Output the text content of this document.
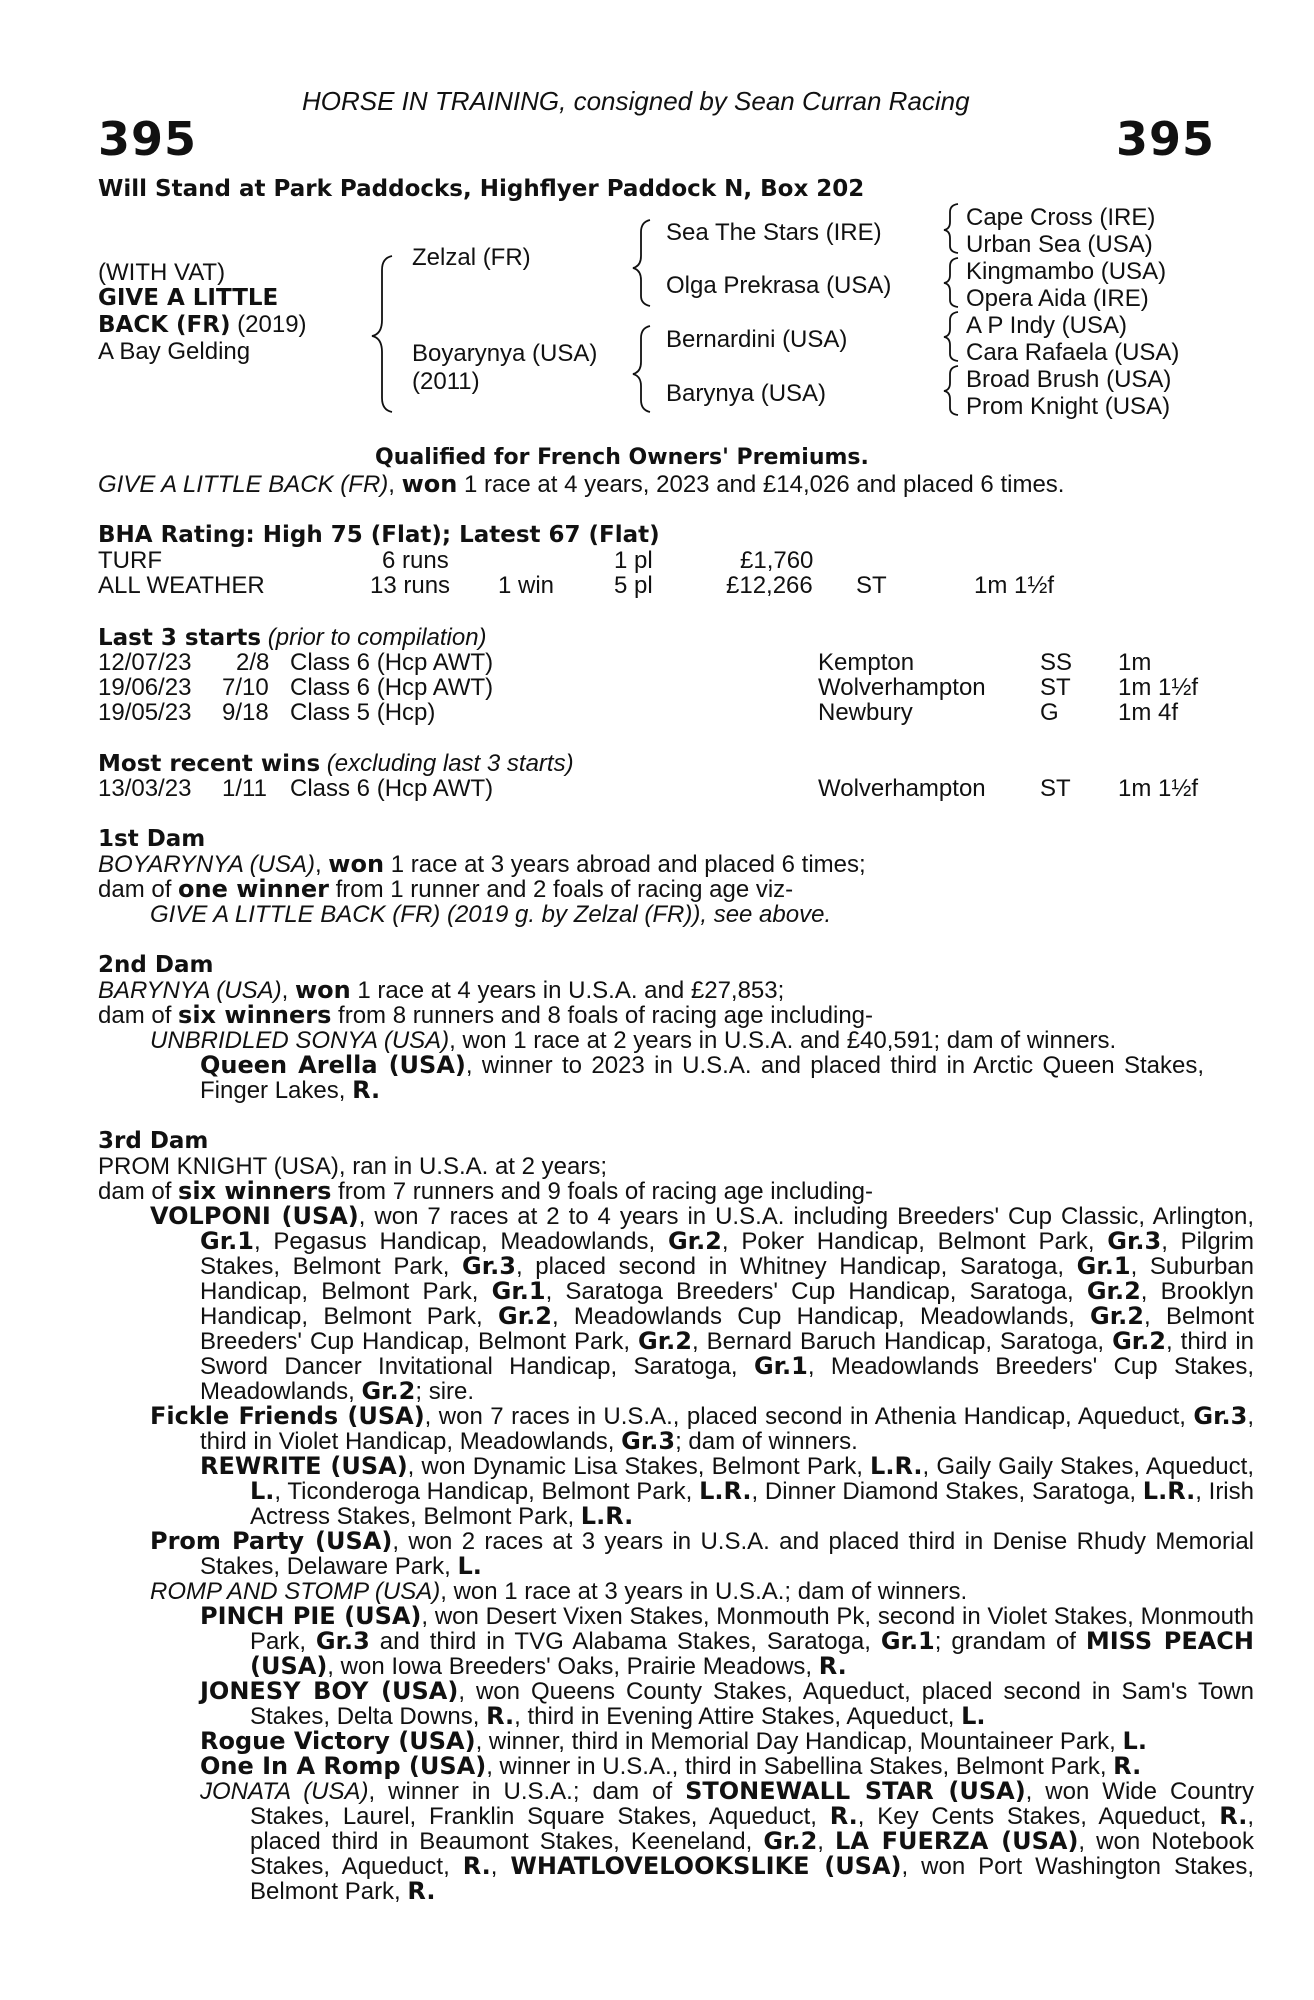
HORSE IN TRAINING, consigned by Sean Curran Racing
395	395
Will Stand at Park Paddocks, Highflyer Paddock N, Box 202
(WITH VAT)
GIVE A LITTLE
BACK (FR) (2019)
A Bay Gelding
Zelzal (FR)
Boyarynya (USA)
(2011)
Sea The Stars (IRE)
Olga Prekrasa (USA)
Bernardini (USA)
Barynya (USA)
Cape Cross (IRE)
Urban Sea (USA)
Kingmambo (USA)
Opera Aida (IRE)
A P Indy (USA)
Cara Rafaela (USA)
Broad Brush (USA)
Prom Knight (USA)
Qualified for French Owners' Premiums.
GIVE A LITTLE BACK (FR), won 1 race at 4 years, 2023 and £14,026 and placed 6 times.
BHA Rating: High 75 (Flat); Latest 67 (Flat)
TURF	6 runs	1 pl	£1,760
ALL WEATHER	13 runs 1 win 5 pl	£12,266 ST	1m 1½f
Last 3 starts (prior to compilation)
12/07/23 2/8 Class 6 (Hcp AWT)	Kempton	SS 1m
19/06/23 7/10 Class 6 (Hcp AWT)	Wolverhampton ST 1m 1½f
19/05/23 9/18 Class 5 (Hcp)	Newbury	G 1m 4f
Most recent wins (excluding last 3 starts)
13/03/23 1/11 Class 6 (Hcp AWT)	Wolverhampton ST 1m 1½f
1st Dam
BOYARYNYA (USA), won 1 race at 3 years abroad and placed 6 times;
dam of one winner from 1 runner and 2 foals of racing age viz-
GIVE A LITTLE BACK (FR) (2019 g. by Zelzal (FR)), see above.
2nd Dam
BARYNYA (USA), won 1 race at 4 years in U.S.A. and £27,853;
dam of six winners from 8 runners and 8 foals of racing age including-
UNBRIDLED SONYA (USA), won 1 race at 2 years in U.S.A. and £40,591; dam of winners.
Queen Arella (USA), winner to 2023 in U.S.A. and placed third in Arctic Queen Stakes, Finger Lakes, R.
3rd Dam
PROM KNIGHT (USA), ran in U.S.A. at 2 years;
dam of six winners from 7 runners and 9 foals of racing age including-
VOLPONI (USA), won 7 races at 2 to 4 years in U.S.A. including Breeders' Cup Classic, Arlington, Gr.1, Pegasus Handicap, Meadowlands, Gr.2, Poker Handicap, Belmont Park, Gr.3, Pilgrim Stakes, Belmont Park, Gr.3, placed second in Whitney Handicap, Saratoga, Gr.1, Suburban Handicap, Belmont Park, Gr.1, Saratoga Breeders' Cup Handicap, Saratoga, Gr.2, Brooklyn Handicap, Belmont Park, Gr.2, Meadowlands Cup Handicap, Meadowlands, Gr.2, Belmont Breeders' Cup Handicap, Belmont Park, Gr.2, Bernard Baruch Handicap, Saratoga, Gr.2, third in Sword Dancer Invitational Handicap, Saratoga, Gr.1, Meadowlands Breeders' Cup Stakes, Meadowlands, Gr.2; sire.
Fickle Friends (USA), won 7 races in U.S.A., placed second in Athenia Handicap, Aqueduct, Gr.3, third in Violet Handicap, Meadowlands, Gr.3; dam of winners.
REWRITE (USA), won Dynamic Lisa Stakes, Belmont Park, L.R., Gaily Gaily Stakes, Aqueduct, L., Ticonderoga Handicap, Belmont Park, L.R., Dinner Diamond Stakes, Saratoga, L.R., Irish Actress Stakes, Belmont Park, L.R.
Prom Party (USA), won 2 races at 3 years in U.S.A. and placed third in Denise Rhudy Memorial Stakes, Delaware Park, L.
ROMP AND STOMP (USA), won 1 race at 3 years in U.S.A.; dam of winners.
PINCH PIE (USA), won Desert Vixen Stakes, Monmouth Pk, second in Violet Stakes, Monmouth Park, Gr.3 and third in TVG Alabama Stakes, Saratoga, Gr.1; grandam of MISS PEACH (USA), won Iowa Breeders' Oaks, Prairie Meadows, R.
JONESY BOY (USA), won Queens County Stakes, Aqueduct, placed second in Sam's Town Stakes, Delta Downs, R., third in Evening Attire Stakes, Aqueduct, L.
Rogue Victory (USA), winner, third in Memorial Day Handicap, Mountaineer Park, L.
One In A Romp (USA), winner in U.S.A., third in Sabellina Stakes, Belmont Park, R.
JONATA (USA), winner in U.S.A.; dam of STONEWALL STAR (USA), won Wide Country Stakes, Laurel, Franklin Square Stakes, Aqueduct, R., Key Cents Stakes, Aqueduct, R., placed third in Beaumont Stakes, Keeneland, Gr.2, LA FUERZA (USA), won Notebook Stakes, Aqueduct, R., WHATLOVELOOKSLIKE (USA), won Port Washington Stakes, Belmont Park, R.
